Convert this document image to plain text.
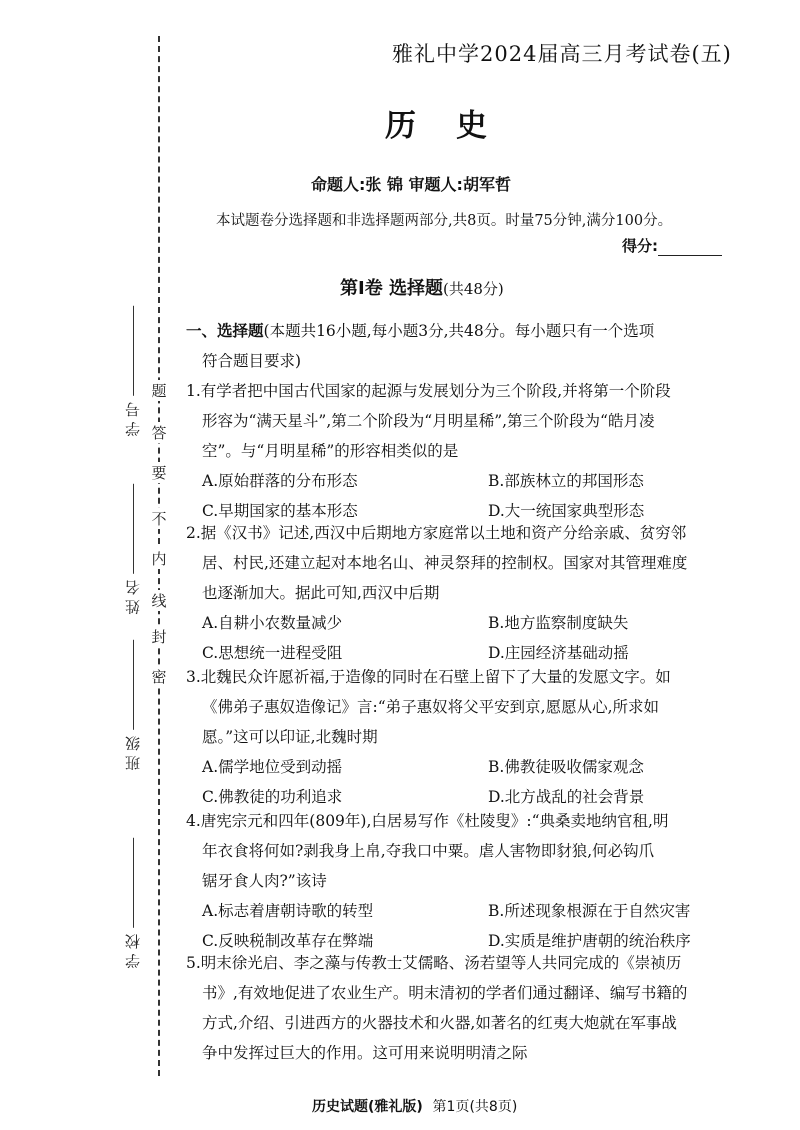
学 号
姓 名
班 级
学 校
密
封
线
内
不
要
答
题
雅礼中学2024届高三月考试卷(五)
历史
命题人:张 锦 审题人:胡军哲
本试题卷分选择题和非选择题两部分,共8页。时量75分钟,满分100分。
得分:
第Ⅰ卷 选择题(共48分)
一、选择题(本题共16小题,每小题3分,共48分。每小题只有一个选项
符合题目要求)

1.有学者把中国古代国家的起源与发展划分为三个阶段,并将第一个阶段

形容为“满天星斗”,第二个阶段为“月明星稀”,第三个阶段为“皓月凌

空”。与“月明星稀”的形容相类似的是

A.原始群落的分布形态	B.部族林立的邦国形态
C.早期国家的基本形态	D.大一统国家典型形态

2.据《汉书》记述,西汉中后期地方家庭常以土地和资产分给亲戚、贫穷邻

居、村民,还建立起对本地名山、神灵祭拜的控制权。国家对其管理难度

也逐渐加大。据此可知,西汉中后期

A.自耕小农数量减少	B.地方监察制度缺失
C.思想统一进程受阻	D.庄园经济基础动摇

3.北魏民众许愿祈福,于造像的同时在石壁上留下了大量的发愿文字。如

《佛弟子惠奴造像记》言:“弟子惠奴将父平安到京,愿愿从心,所求如

愿。”这可以印证,北魏时期

A.儒学地位受到动摇	B.佛教徒吸收儒家观念
C.佛教徒的功利追求	D.北方战乱的社会背景

4.唐宪宗元和四年(809年),白居易写作《杜陵叟》:“典桑卖地纳官租,明

年衣食将何如?剥我身上帛,夺我口中粟。虐人害物即豺狼,何必钩爪

锯牙食人肉?”该诗

A.标志着唐朝诗歌的转型	B.所述现象根源在于自然灾害
C.反映税制改革存在弊端	D.实质是维护唐朝的统治秩序

5.明末徐光启、李之藻与传教士艾儒略、汤若望等人共同完成的《崇祯历

书》,有效地促进了农业生产。明末清初的学者们通过翻译、编写书籍的

方式,介绍、引进西方的火器技术和火器,如著名的红夷大炮就在军事战

争中发挥过巨大的作用。这可用来说明明清之际

历史试题(雅礼版) 第1页(共8页)
